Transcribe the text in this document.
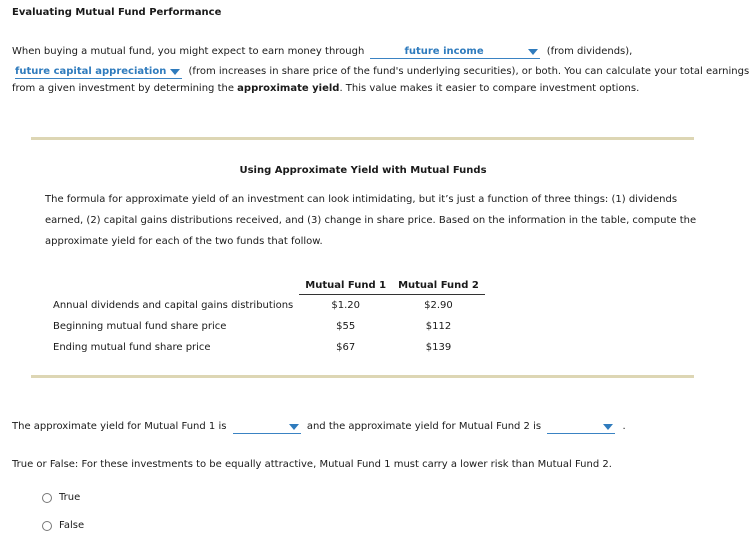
Evaluating Mutual Fund Performance
When buying a mutual fund, you might expect to earn money through	future income	(from dividends),
future capital appreciation (from increases in share price of the fund's underlying securities), or both. You can calculate your total earnings
from a given investment by determining the approximate yield. This value makes it easier to compare investment options.
Using Approximate Yield with Mutual Funds
The formula for approximate yield of an investment can look intimidating, but it’s just a function of three things: (1) dividends earned, (2) capital gains distributions received, and (3) change in share price. Based on the information in the table, compute the approximate yield for each of the two funds that follow.
	Mutual Fund 1	Mutual Fund 2
Annual dividends and capital gains distributions	$1.20	$2.90
Beginning mutual fund share price	$55	$112
Ending mutual fund share price	$67	$139
The approximate yield for Mutual Fund 1 is	and the approximate yield for Mutual Fund 2 is	.
True or False: For these investments to be equally attractive, Mutual Fund 1 must carry a lower risk than Mutual Fund 2.
True
False
